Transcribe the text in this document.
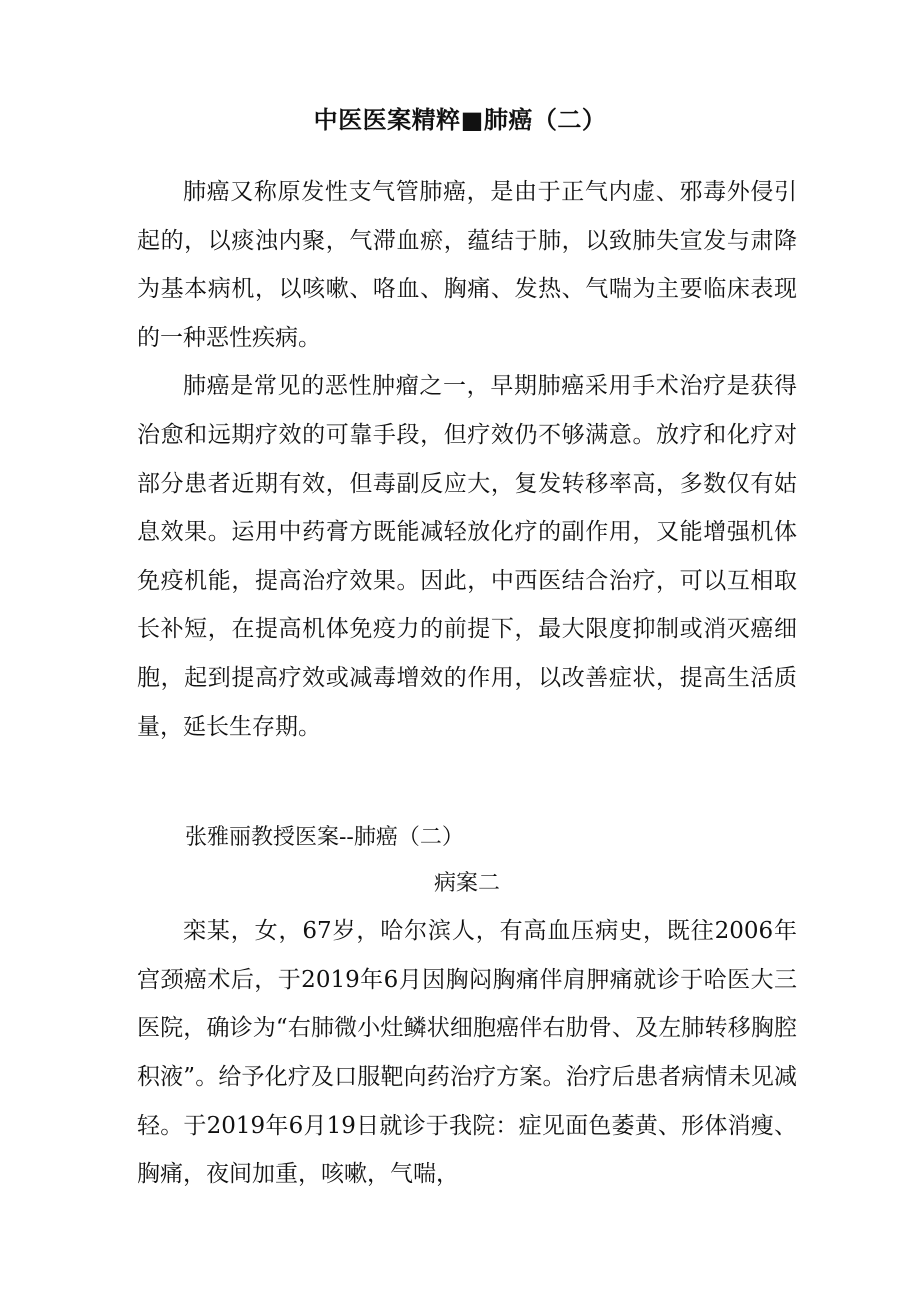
中医医案精粹■肺癌（二）

肺癌又称原发性支气管肺癌，是由于正气内虚、邪毒外侵引起的，以痰浊内聚，气滞血瘀，蕴结于肺，以致肺失宣发与肃降为基本病机，以咳嗽、咯血、胸痛、发热、气喘为主要临床表现的一种恶性疾病。

肺癌是常见的恶性肿瘤之一，早期肺癌采用手术治疗是获得治愈和远期疗效的可靠手段，但疗效仍不够满意。放疗和化疗对部分患者近期有效，但毒副反应大，复发转移率高，多数仅有姑息效果。运用中药膏方既能减轻放化疗的副作用，又能增强机体免疫机能，提高治疗效果。因此，中西医结合治疗，可以互相取长补短，在提高机体免疫力的前提下，最大限度抑制或消灭癌细胞，起到提高疗效或减毒增效的作用，以改善症状，提高生活质量，延长生存期。

张雅丽教授医案--肺癌（二）

病案二

栾某，女，67岁，哈尔滨人，有高血压病史，既往2006年宫颈癌术后，于2019年6月因胸闷胸痛伴肩胛痛就诊于哈医大三医院，确诊为“右肺微小灶鳞状细胞癌伴右肋骨、及左肺转移胸腔积液”。给予化疗及口服靶向药治疗方案。治疗后患者病情未见减轻。于2019年6月19日就诊于我院：症见面色萎黄、形体消瘦、胸痛，夜间加重，咳嗽，气喘，
